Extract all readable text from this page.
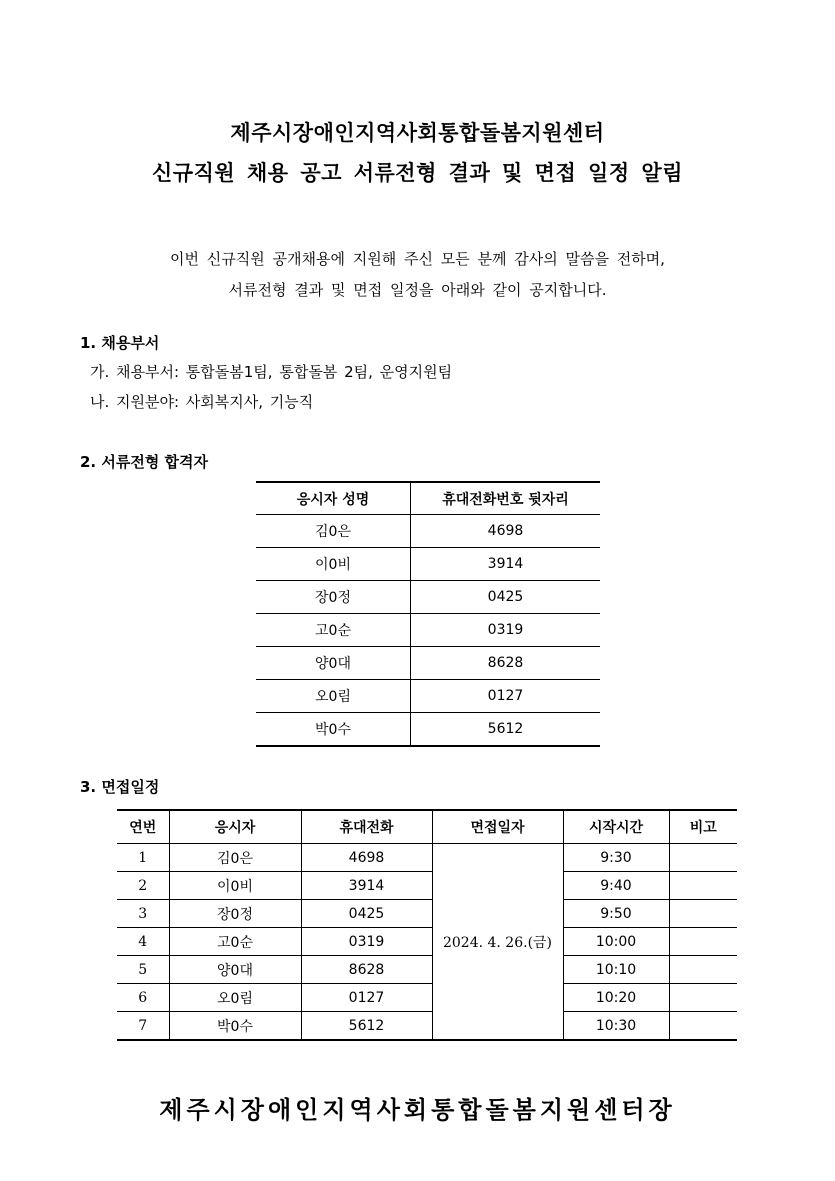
제주시장애인지역사회통합돌봄지원센터
신규직원 채용 공고 서류전형 결과 및 면접 일정 알림
이번 신규직원 공개채용에 지원해 주신 모든 분께 감사의 말씀을 전하며,
서류전형 결과 및 면접 일정을 아래와 같이 공지합니다.
1. 채용부서
가. 채용부서: 통합돌봄1팀, 통합돌봄 2팀, 운영지원팀
나. 지원분야: 사회복지사, 기능직
2. 서류전형 합격자
응시자 성명	휴대전화번호 뒷자리
김0은	4698
이0비	3914
장0정	0425
고0순	0319
양0대	8628
오0림	0127
박0수	5612
3. 면접일정
연번	응시자	휴대전화	면접일자	시작시간	비고
1	김0은	4698	2024. 4. 26.(금)	9:30	
2	이0비	3914		9:40	
3	장0정	0425		9:50	
4	고0순	0319		10:00	
5	양0대	8628		10:10	
6	오0림	0127		10:20	
7	박0수	5612		10:30	
제주시장애인지역사회통합돌봄지원센터장
